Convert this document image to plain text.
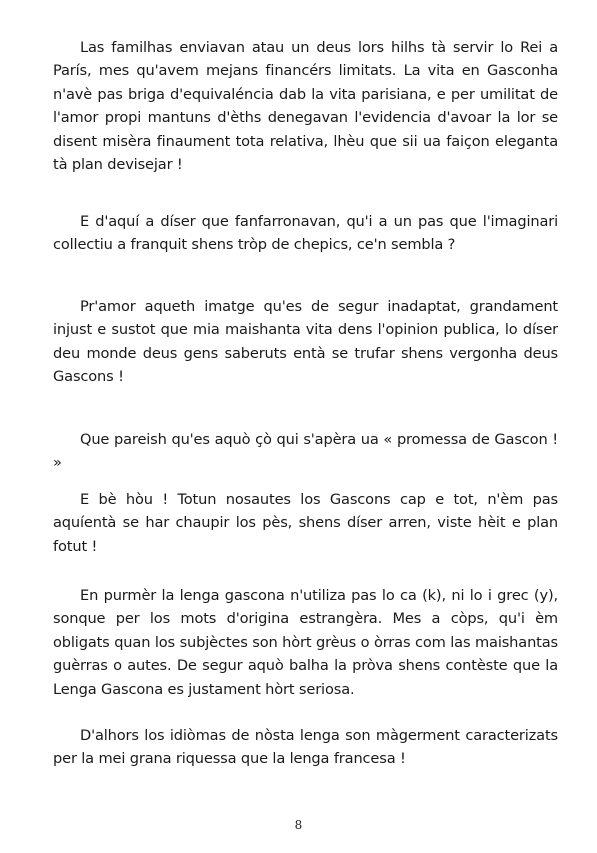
Las familhas enviavan atau un deus lors hilhs tà servir lo Rei a París, mes qu'avem mejans financérs limitats. La vita en Gasconha n'avè pas briga d'equivaléncia dab la vita parisiana, e per umilitat de l'amor propi mantuns d'èths denegavan l'evidencia d'avoar la lor se disent misèra finaument tota relativa, lhèu que sii ua faiçon eleganta tà plan devisejar !

E d'aquí a díser que fanfarronavan, qu'i a un pas que l'imaginari collectiu a franquit shens tròp de chepics, ce'n sembla ?

Pr'amor aqueth imatge qu'es de segur inadaptat, grandament injust e sustot que mia maishanta vita dens l'opinion publica, lo díser deu monde deus gens saberuts entà se trufar shens vergonha deus Gascons !

Que pareish qu'es aquò çò qui s'apèra ua « promessa de Gascon ! »

E bè hòu ! Totun nosautes los Gascons cap e tot, n'èm pas aquíentà se har chaupir los pès, shens díser arren, viste hèit e plan fotut !

En purmèr la lenga gascona n'utiliza pas lo ca (k), ni lo i grec (y), sonque per los mots d'origina estrangèra. Mes a còps, qu'i èm obligats quan los subjèctes son hòrt grèus o òrras com las maishantas guèrras o autes. De segur aquò balha la pròva shens contèste que la Lenga Gascona es justament hòrt seriosa.

D'alhors los idiòmas de nòsta lenga son màgerment caracterizats per la mei grana riquessa que la lenga francesa !

8
